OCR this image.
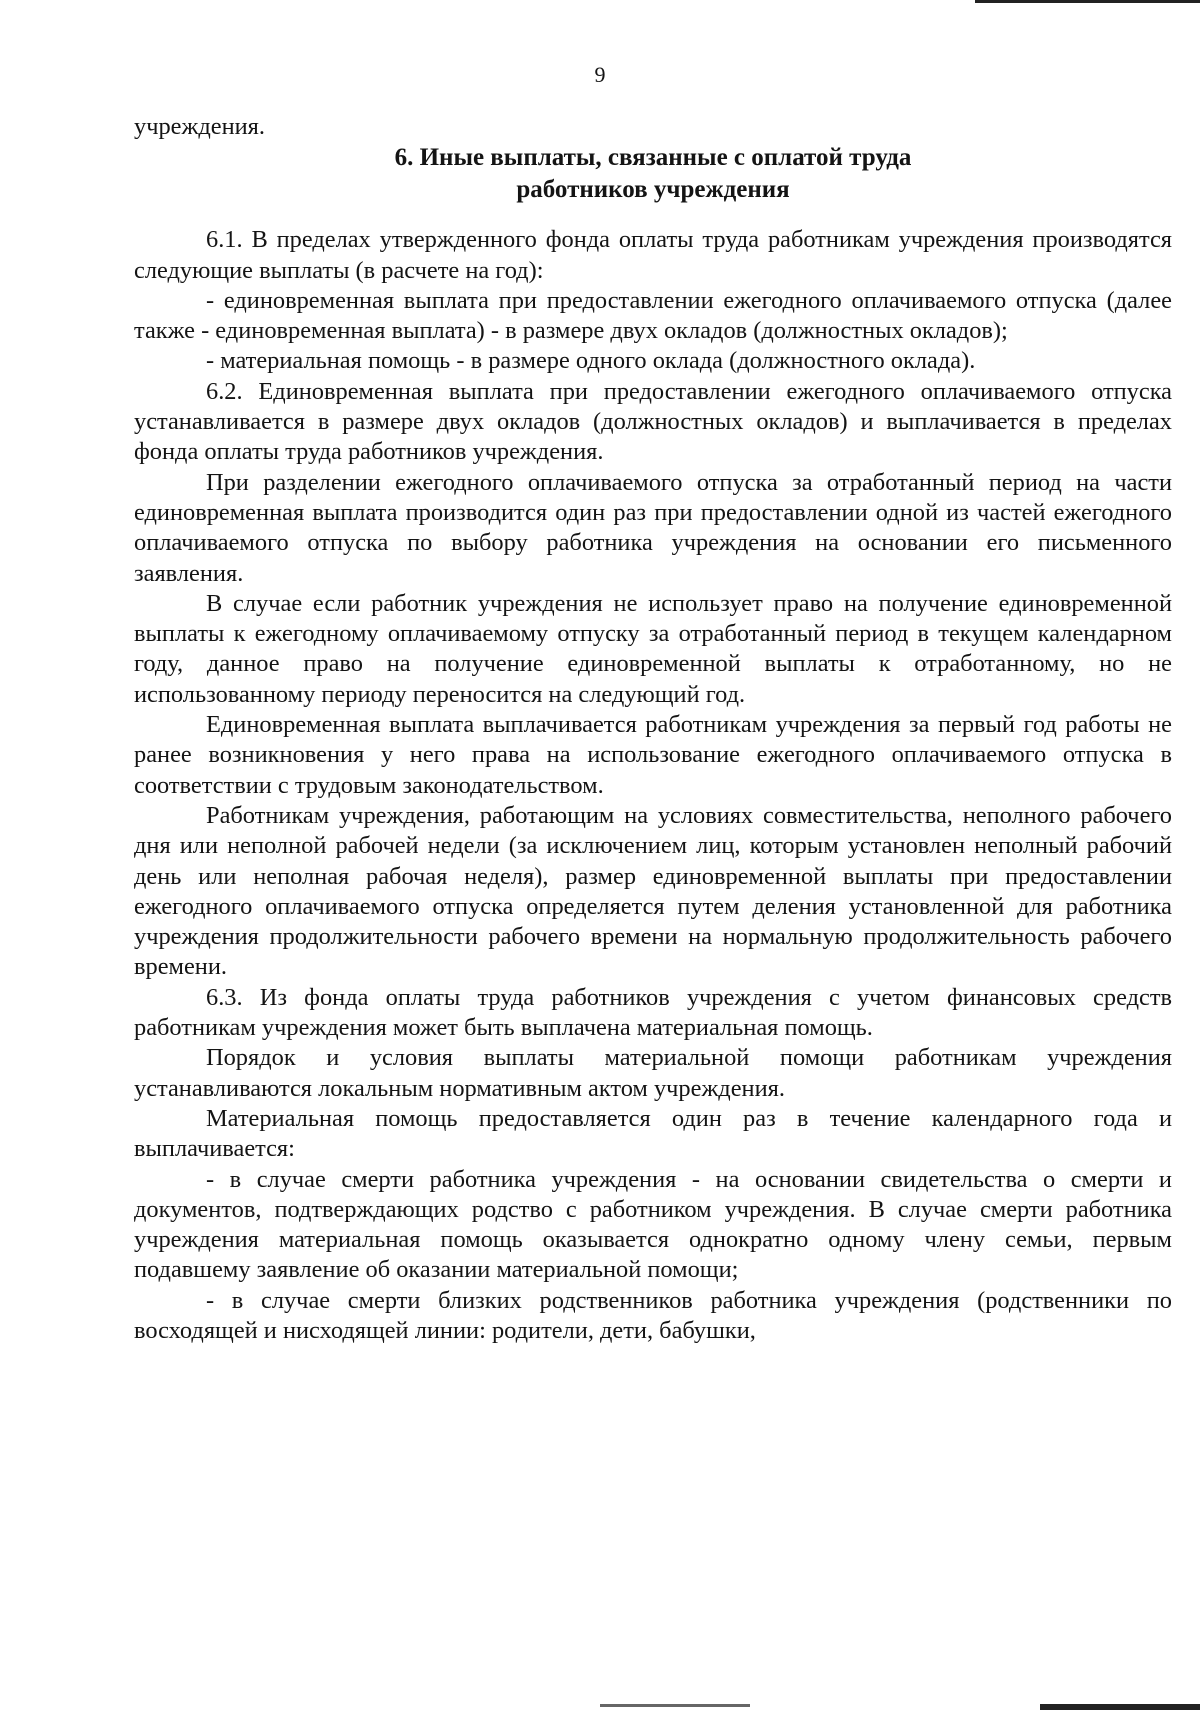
9

учреждения.

6. Иные выплаты, связанные с оплатой труда

работников учреждения

6.1. В пределах утвержденного фонда оплаты труда работникам учреждения производятся следующие выплаты (в расчете на год):

- единовременная выплата при предоставлении ежегодного оплачиваемого отпуска (далее также - единовременная выплата) - в размере двух окладов (должностных окладов);

- материальная помощь - в размере одного оклада (должностного оклада).

6.2. Единовременная выплата при предоставлении ежегодного оплачиваемого отпуска устанавливается в размере двух окладов (должностных окладов) и выплачивается в пределах фонда оплаты труда работников учреждения.

При разделении ежегодного оплачиваемого отпуска за отработанный период на части единовременная выплата производится один раз при предоставлении одной из частей ежегодного оплачиваемого отпуска по выбору работника учреждения на основании его письменного заявления.

В случае если работник учреждения не использует право на получение единовременной выплаты к ежегодному оплачиваемому отпуску за отработанный период в текущем календарном году, данное право на получение единовременной выплаты к отработанному, но не использованному периоду переносится на следующий год.

Единовременная выплата выплачивается работникам учреждения за первый год работы не ранее возникновения у него права на использование ежегодного оплачиваемого отпуска в соответствии с трудовым законодательством.

Работникам учреждения, работающим на условиях совместительства, неполного рабочего дня или неполной рабочей недели (за исключением лиц, которым установлен неполный рабочий день или неполная рабочая неделя), размер единовременной выплаты при предоставлении ежегодного оплачиваемого отпуска определяется путем деления установленной для работника учреждения продолжительности рабочего времени на нормальную продолжительность рабочего времени.

6.3. Из фонда оплаты труда работников учреждения с учетом финансовых средств работникам учреждения может быть выплачена материальная помощь.

Порядок и условия выплаты материальной помощи работникам учреждения устанавливаются локальным нормативным актом учреждения.

Материальная помощь предоставляется один раз в течение календарного года и выплачивается:

- в случае смерти работника учреждения - на основании свидетельства о смерти и документов, подтверждающих родство с работником учреждения. В случае смерти работника учреждения материальная помощь оказывается однократно одному члену семьи, первым подавшему заявление об оказании материальной помощи;

- в случае смерти близких родственников работника учреждения (родственники по восходящей и нисходящей линии: родители, дети, бабушки,
